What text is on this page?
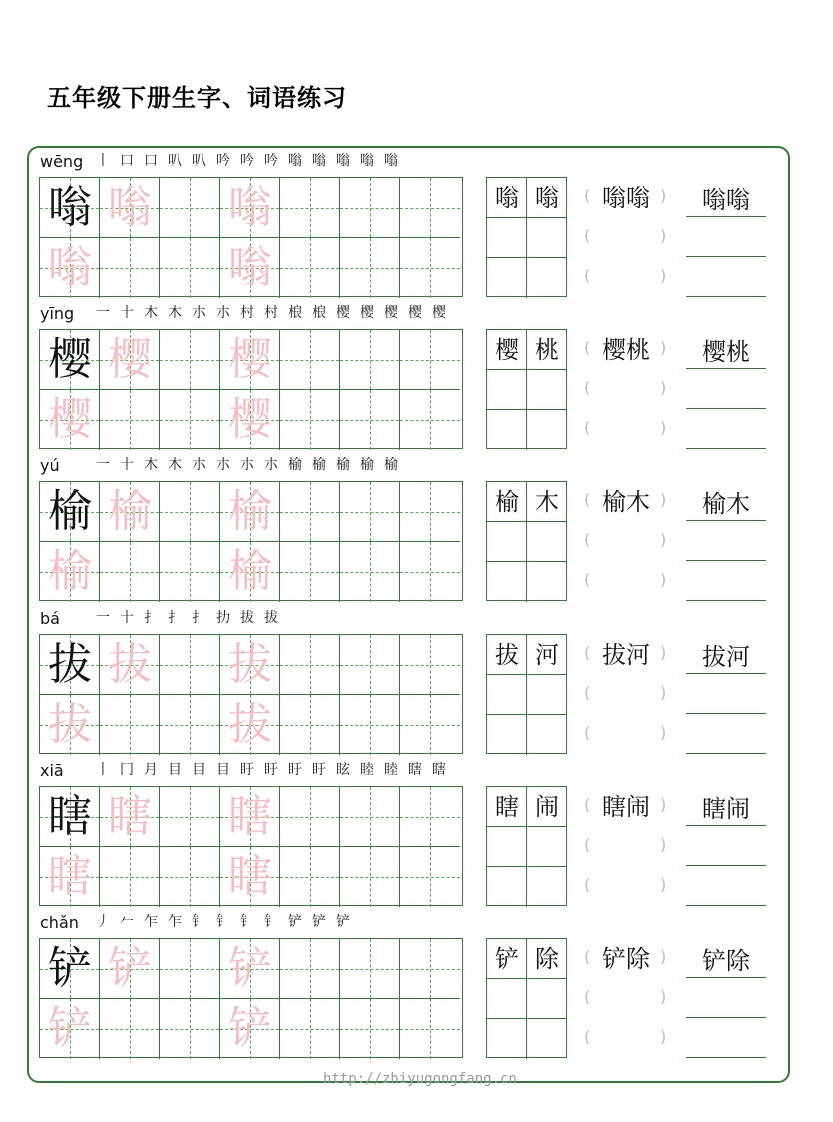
五年级下册生字、词语练习
wēng 丨 口 口 叭 叭 吟 吟 吟 嗡 嗡 嗡 嗡 嗡
嗡 嗡 嗡
嗡	嗡
嗡 嗡	嗡嗡
(	)
(	)
(	)
嗡嗡
yīng 一 十 木 木 朩 朩 村 村 桹 桹 樱 樱 樱 樱 樱
樱 樱 樱
樱	樱
樱 桃	樱桃
(	)
(	)
(	)
樱桃
yú	一 十 木 木 朩 朩 朩 朩 榆 榆 榆 榆 榆
榆 榆 榆
榆	榆
榆 木	榆木
(	)
(	)
(	)
榆木
bá	一 十 扌 扌 扌 扐 拔 拔
拔 拔 拔
拔	拔
拔 河	拔河
(	)
(	)
(	)
拔河
xiā 丨 冂 月 目 目 目 盱 盱 盱 盱 眩 睦 睦 瞎 瞎
瞎 瞎 瞎
瞎	瞎
瞎 闹	瞎闹
(	)
(	)
(	)
瞎闹
chǎn 丿 𠂉 乍 乍 钅 钅 钅 钅 铲 铲 铲
铲 铲 铲
铲	铲
铲 除	铲除
(	)
(	)
(	)
铲除
http://zhiyugongfang.cn
